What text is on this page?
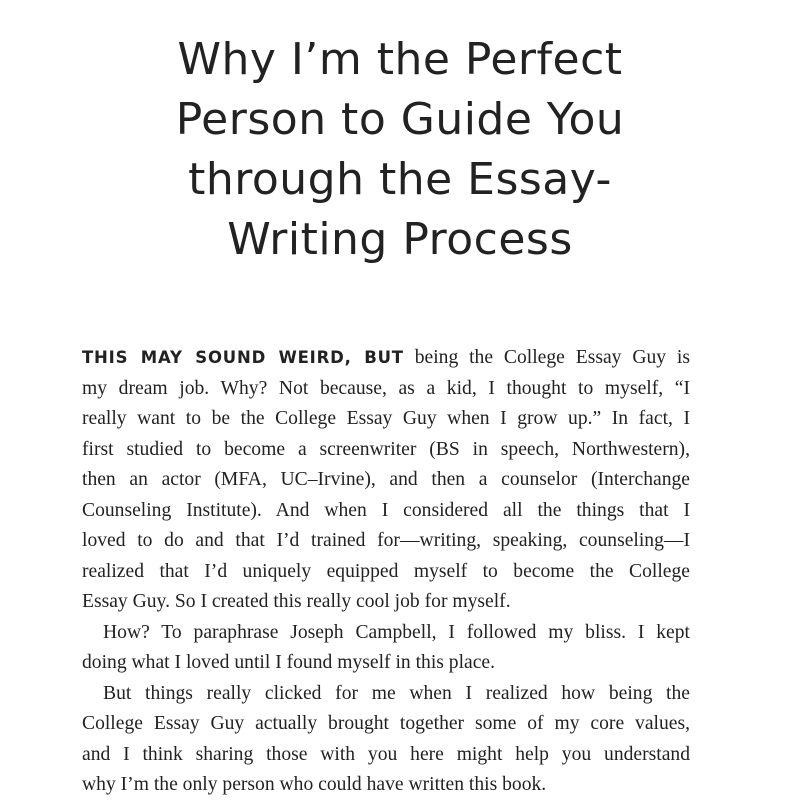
Why I’m the Perfect
Person to Guide You
through the Essay-
Writing Process
THIS MAY SOUND WEIRD, BUT being the College Essay Guy is
my dream job. Why? Not because, as a kid, I thought to myself, “I
really want to be the College Essay Guy when I grow up.” In fact, I
first studied to become a screenwriter (BS in speech, Northwestern),
then an actor (MFA, UC–Irvine), and then a counselor (Interchange
Counseling Institute). And when I considered all the things that I
loved to do and that I’d trained for—writing, speaking, counseling—I
realized that I’d uniquely equipped myself to become the College
Essay Guy. So I created this really cool job for myself.
How? To paraphrase Joseph Campbell, I followed my bliss. I kept
doing what I loved until I found myself in this place.
But things really clicked for me when I realized how being the
College Essay Guy actually brought together some of my core values,
and I think sharing those with you here might help you understand
why I’m the only person who could have written this book.
